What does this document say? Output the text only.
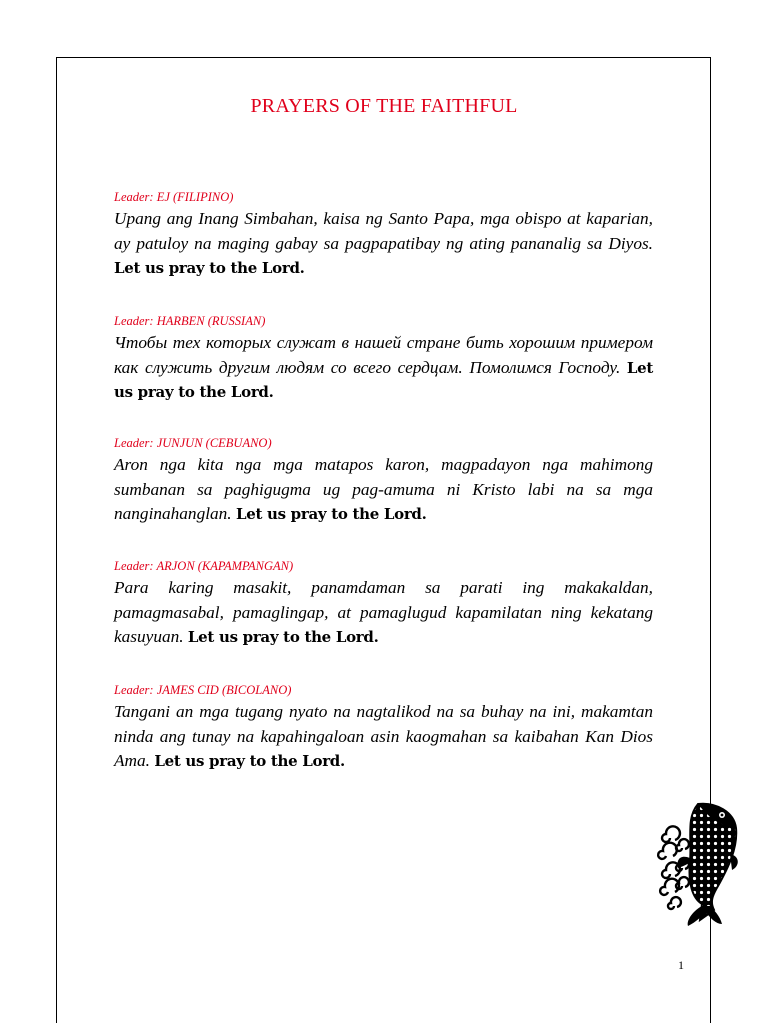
PRAYERS OF THE FAITHFUL
Leader: EJ (FILIPINO)
Upang ang Inang Simbahan, kaisa ng Santo Papa, mga obispo at kaparian, ay patuloy na maging gabay sa pagpapatibay ng ating pananalig sa Diyos. Let us pray to the Lord.
Leader: HARBEN (RUSSIAN)
Чтобы тех которых служат в нашей стране бить хорошим примером как служить другим людям со всего сердцам. Помолимся Господу. Let us pray to the Lord.
Leader: JUNJUN (CEBUANO)
Aron nga kita nga mga matapos karon, magpadayon nga mahimong sumbanan sa paghigugma ug pag-amuma ni Kristo labi na sa mga nanginahanglan. Let us pray to the Lord.
Leader: ARJON (KAPAMPANGAN)
Para karing masakit, panamdaman sa parati ing makakaldan, pamagmasabal, pamaglingap, at pamaglugud kapamilatan ning kekatang kasuyuan. Let us pray to the Lord.
Leader: JAMES CID (BICOLANO)
Tangani an mga tugang nyato na nagtalikod na sa buhay na ini, makamtan ninda ang tunay na kapahingaloan asin kaogmahan sa kaibahan Kan Dios Ama. Let us pray to the Lord.
1
